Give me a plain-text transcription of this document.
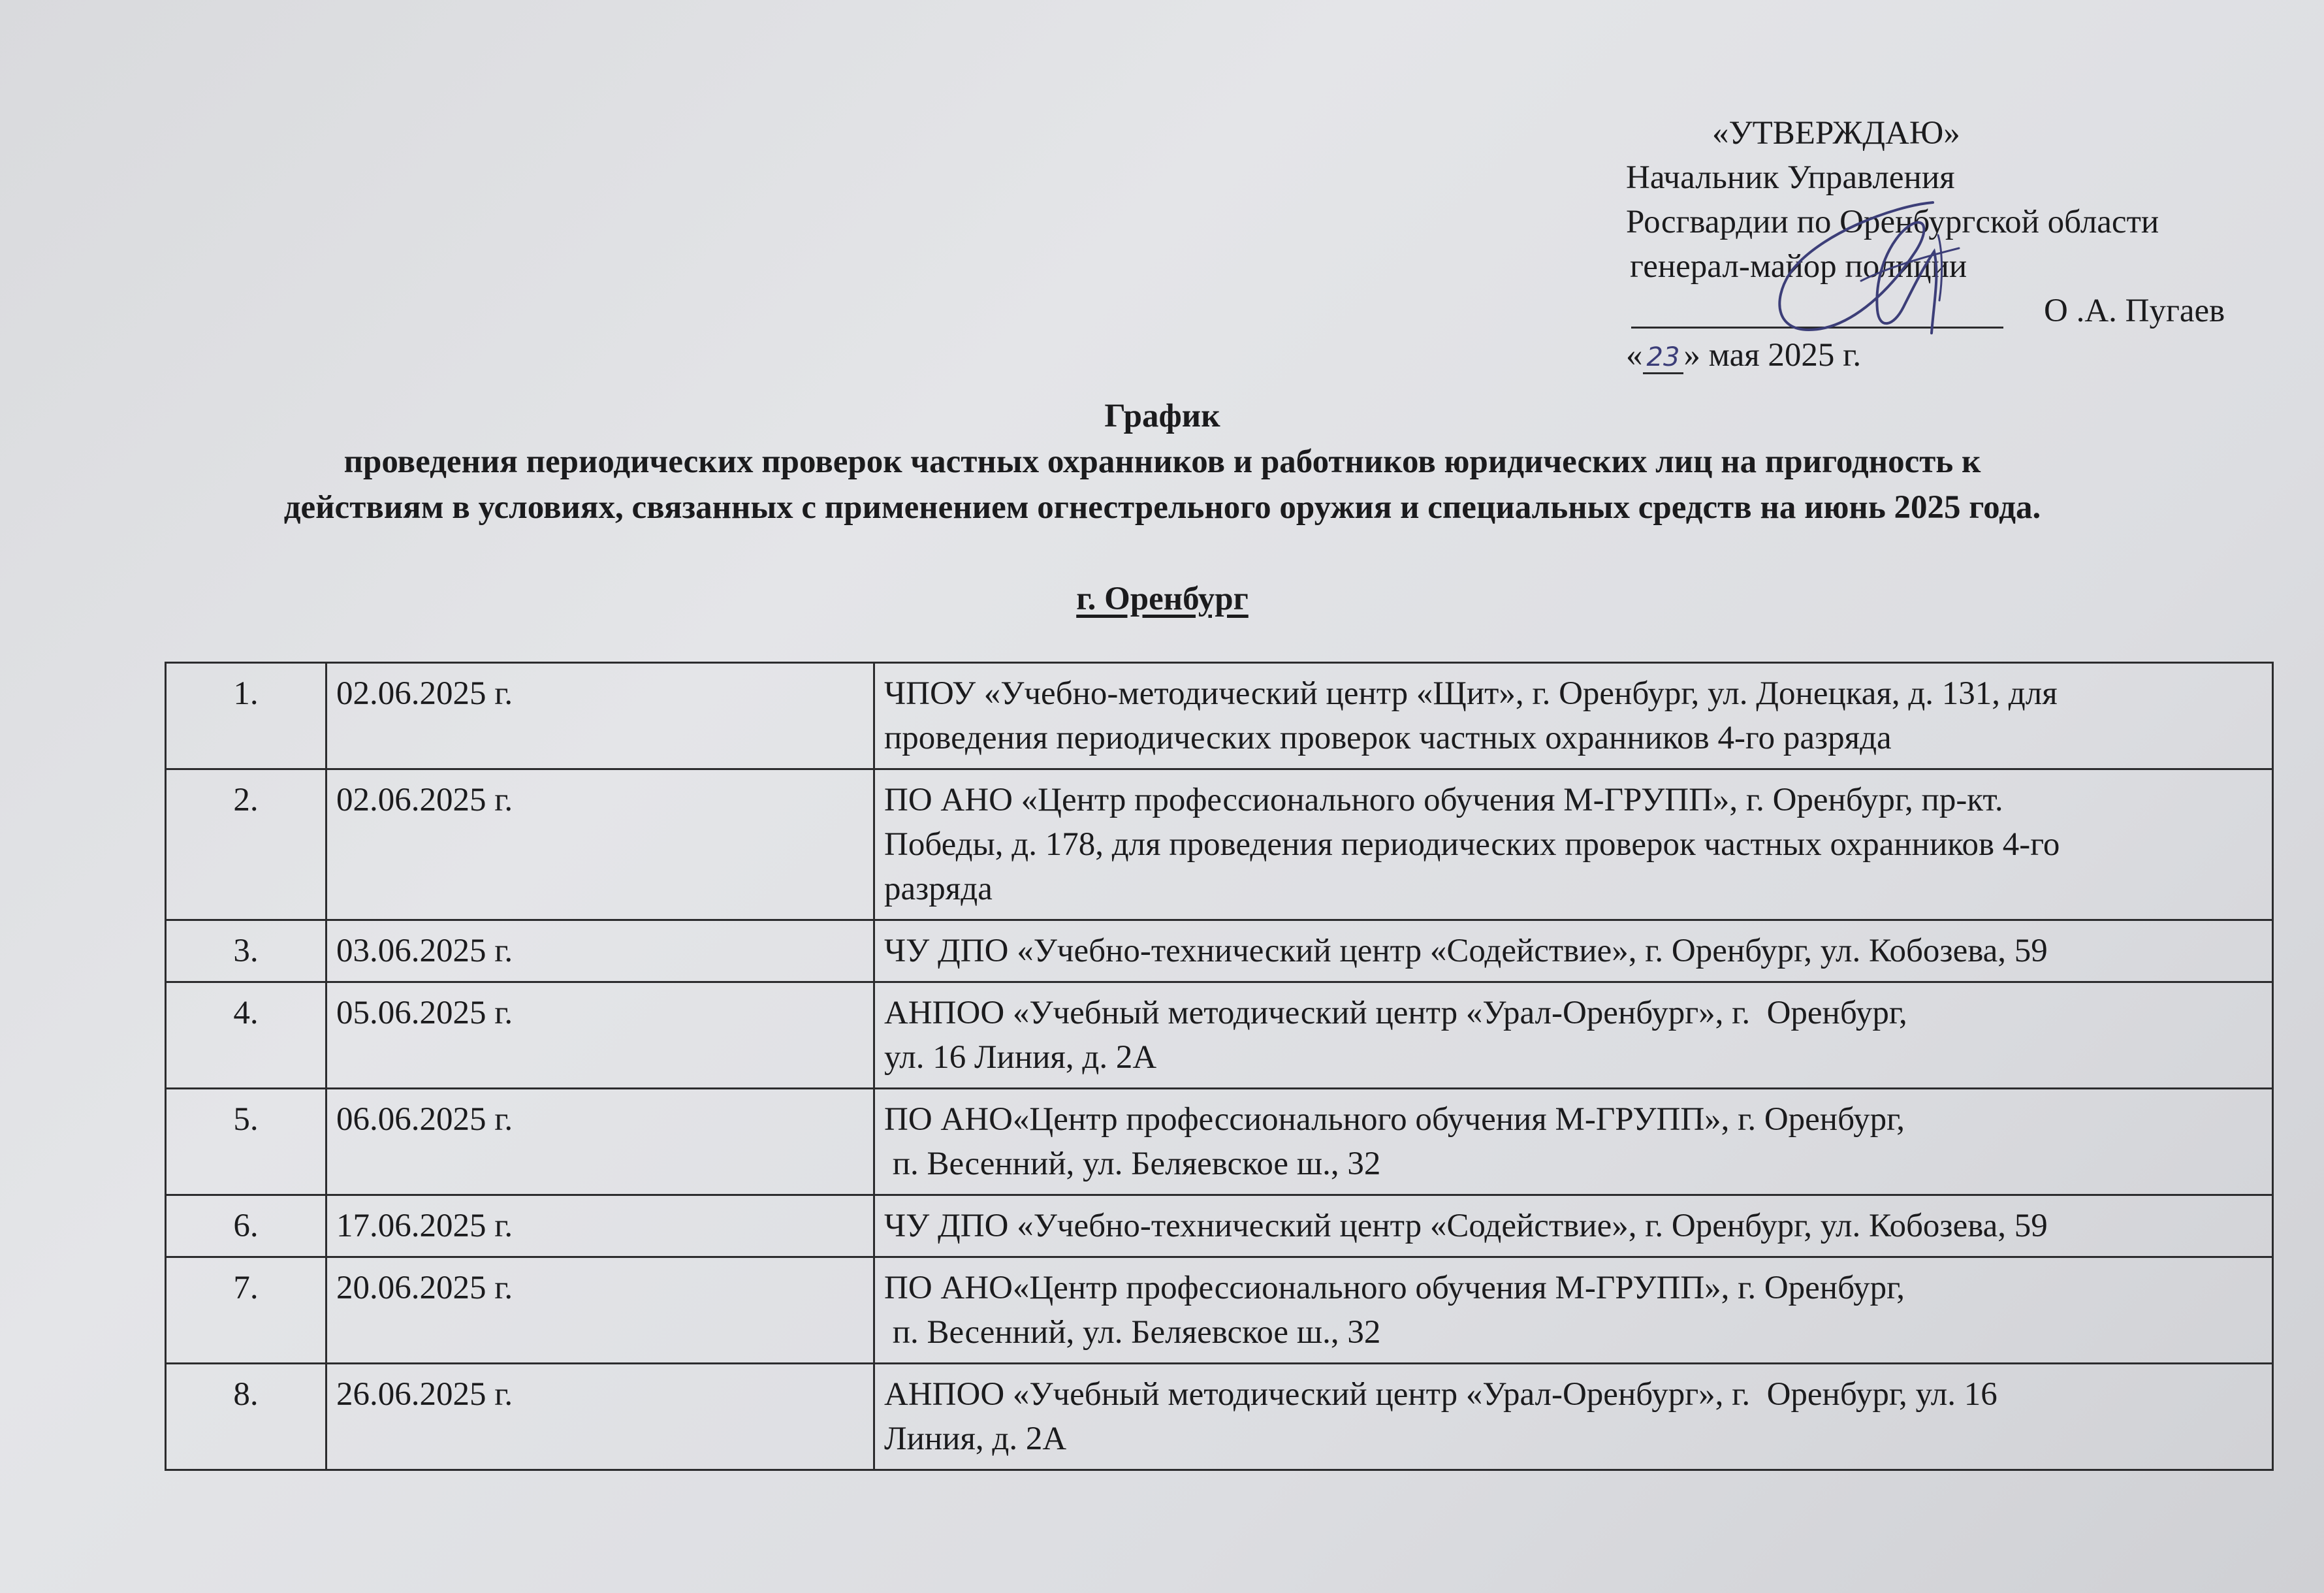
«УТВЕРЖДАЮ»
Начальник Управления
Росгвардии по Оренбургской области
генерал-майор полиции
О .А. Пугаев
« 23 » мая 2025 г.
График
проведения периодических проверок частных охранников и работников юридических лиц на пригодность к
действиям в условиях, связанных с применением огнестрельного оружия и специальных средств на июнь 2025 года.
г. Оренбург
1.	02.06.2025 г.	ЧПОУ «Учебно-методический центр «Щит», г. Оренбург, ул. Донецкая, д. 131, для
проведения периодических проверок частных охранников 4-го разряда

2.	02.06.2025 г.	ПО АНО «Центр профессионального обучения М-ГРУПП», г. Оренбург, пр-кт.
Победы, д. 178, для проведения периодических проверок частных охранников 4-го
разряда

3.	03.06.2025 г.	ЧУ ДПО «Учебно-технический центр «Содействие», г. Оренбург, ул. Кобозева, 59

4.	05.06.2025 г.	АНПОО «Учебный методический центр «Урал-Оренбург», г.  Оренбург,
ул. 16 Линия, д. 2А

5.	06.06.2025 г.	ПО АНО«Центр профессионального обучения М-ГРУПП», г. Оренбург,
п. Весенний, ул. Беляевское ш., 32

6.	17.06.2025 г.	ЧУ ДПО «Учебно-технический центр «Содействие», г. Оренбург, ул. Кобозева, 59

7.	20.06.2025 г.	ПО АНО«Центр профессионального обучения М-ГРУПП», г. Оренбург,
п. Весенний, ул. Беляевское ш., 32

8.	26.06.2025 г.	АНПОО «Учебный методический центр «Урал-Оренбург», г.  Оренбург, ул. 16
Линия, д. 2А
